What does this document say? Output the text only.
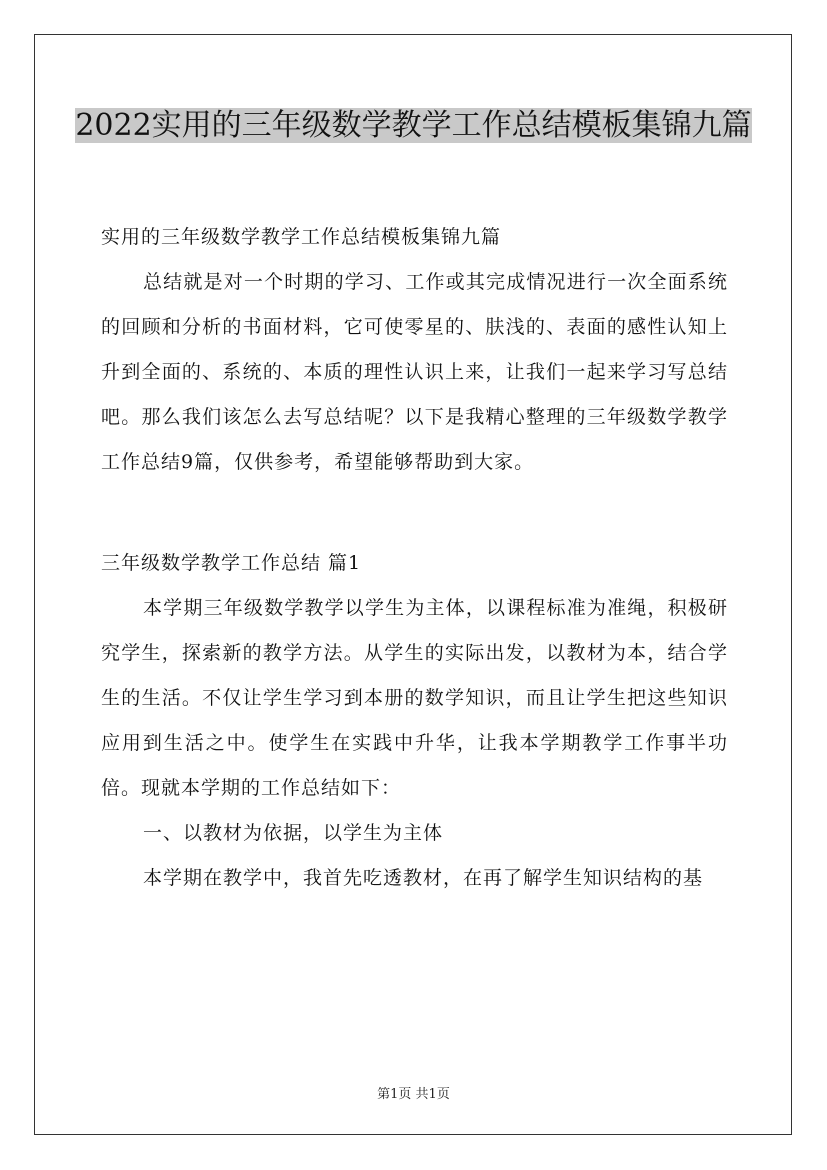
2022实用的三年级数学教学工作总结模板集锦九篇

实用的三年级数学教学工作总结模板集锦九篇

总结就是对一个时期的学习、工作或其完成情况进行一次全面系统的回顾和分析的书面材料，它可使零星的、肤浅的、表面的感性认知上升到全面的、系统的、本质的理性认识上来，让我们一起来学习写总结吧。那么我们该怎么去写总结呢？以下是我精心整理的三年级数学教学工作总结9篇，仅供参考，希望能够帮助到大家。

三年级数学教学工作总结 篇1

本学期三年级数学教学以学生为主体，以课程标准为准绳，积极研究学生，探索新的教学方法。从学生的实际出发，以教材为本，结合学生的生活。不仅让学生学习到本册的数学知识，而且让学生把这些知识应用到生活之中。使学生在实践中升华，让我本学期教学工作事半功倍。现就本学期的工作总结如下：

一、以教材为依据，以学生为主体

本学期在教学中，我首先吃透教材，在再了解学生知识结构的基

第1页 共1页
